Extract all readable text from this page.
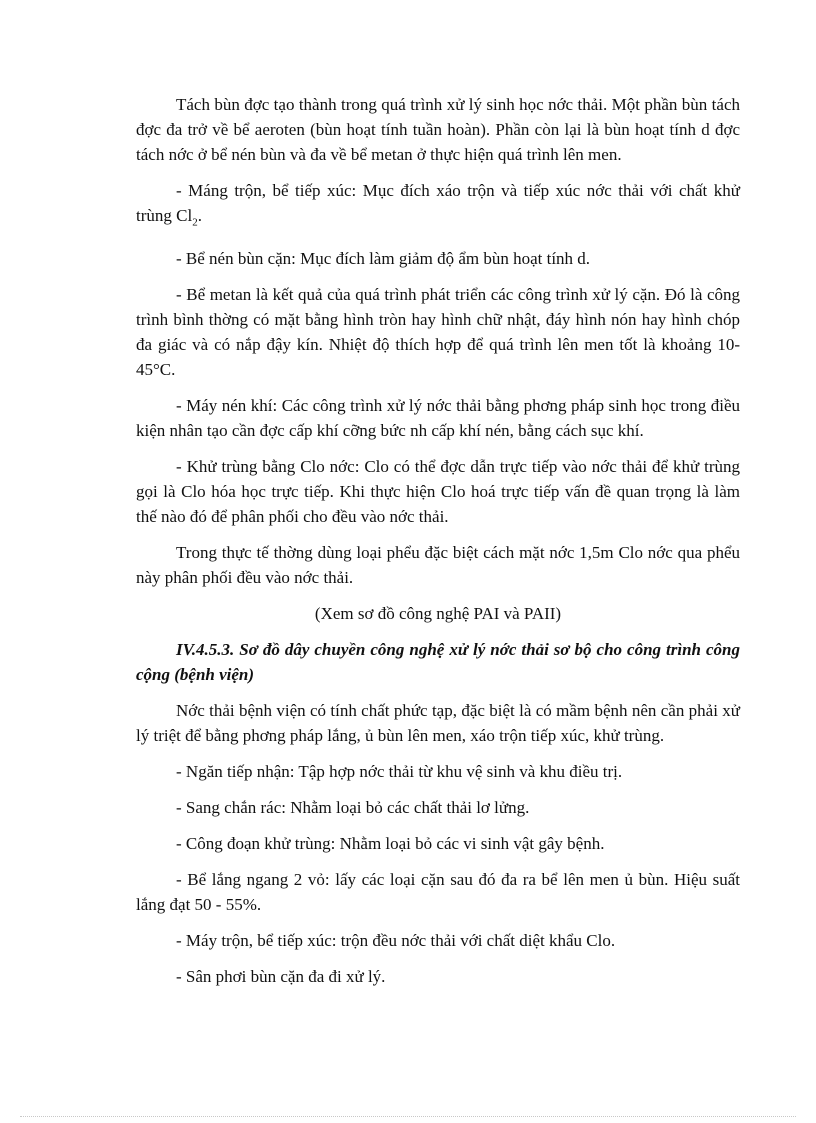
Tách bùn đợc tạo thành trong quá trình xử lý sinh học nớc thải. Một phần bùn tách đợc đa trở về bể aeroten (bùn hoạt tính tuần hoàn). Phần còn lại là bùn hoạt tính d đợc tách nớc ở bể nén bùn và đa về bể metan ở thực hiện quá trình lên men.

- Máng trộn, bể tiếp xúc: Mục đích xáo trộn và tiếp xúc nớc thải với chất khử trùng $Cl_2$.

- Bể nén bùn cặn: Mục đích làm giảm độ ẩm bùn hoạt tính d.

- Bể metan là kết quả của quá trình phát triển các công trình xử lý cặn. Đó là công trình bình thờng có mặt bằng hình tròn hay hình chữ nhật, đáy hình nón hay hình chóp đa giác và có nắp đậy kín. Nhiệt độ thích hợp để quá trình lên men tốt là khoảng 10-45°C.

- Máy nén khí: Các công trình xử lý nớc thải bằng phơng pháp sinh học trong điều kiện nhân tạo cần đợc cấp khí cỡng bức nh cấp khí nén, bằng cách sục khí.

- Khử trùng bằng Clo nớc: Clo có thể đợc dẫn trực tiếp vào nớc thải để khử trùng gọi là Clo hóa học trực tiếp. Khi thực hiện Clo hoá trực tiếp vấn đề quan trọng là làm thế nào đó để phân phối cho đều vào nớc thải.

Trong thực tế thờng dùng loại phểu đặc biệt cách mặt nớc 1,5m Clo nớc qua phểu này phân phối đều vào nớc thải.

(Xem sơ đồ công nghệ PAI và PAII)

IV.4.5.3. Sơ đồ dây chuyền công nghệ xử lý nớc thải sơ bộ cho công trình công cộng (bệnh viện)

Nớc thải bệnh viện có tính chất phức tạp, đặc biệt là có mầm bệnh nên cần phải xử lý triệt để bằng phơng pháp lắng, ủ bùn lên men, xáo trộn tiếp xúc, khử trùng.

- Ngăn tiếp nhận: Tập hợp nớc thải từ khu vệ sinh và khu điều trị.

- Sang chắn rác: Nhằm loại bỏ các chất thải lơ lửng.

- Công đoạn khử trùng: Nhằm loại bỏ các vi sinh vật gây bệnh.

- Bể lắng ngang 2 vỏ: lấy các loại cặn sau đó đa ra bể lên men ủ bùn. Hiệu suất lắng đạt 50 - 55%.

- Máy trộn, bể tiếp xúc: trộn đều nớc thải với chất diệt khẩu Clo.

- Sân phơi bùn cặn đa đi xử lý.
